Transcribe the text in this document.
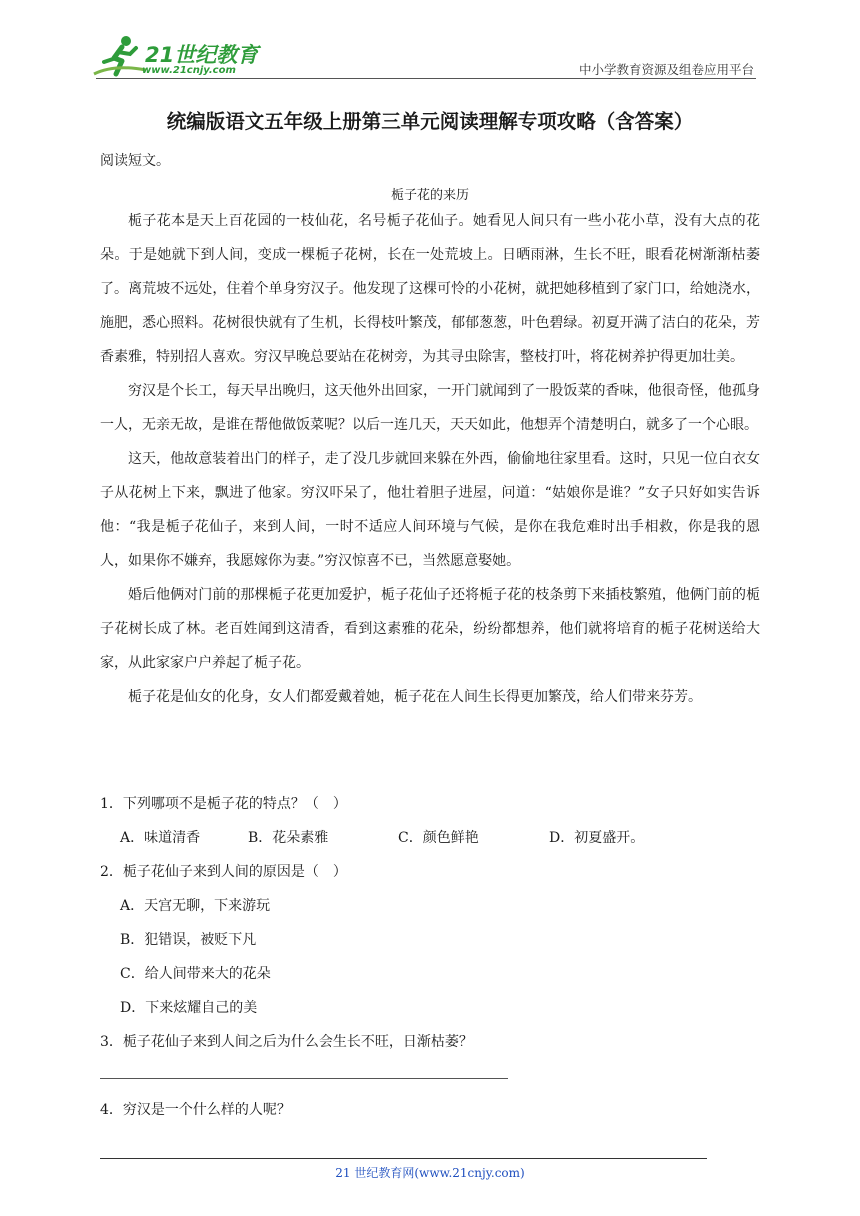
21世纪教育
www.21cnjy.com	中小学教育资源及组卷应用平台
统编版语文五年级上册第三单元阅读理解专项攻略（含答案）
阅读短文。
栀子花的来历

栀子花本是天上百花园的一枝仙花，名号栀子花仙子。她看见人间只有一些小花小草，没有大点的花朵。于是她就下到人间，变成一棵栀子花树，长在一处荒坡上。日晒雨淋，生长不旺，眼看花树渐渐枯萎了。离荒坡不远处，住着个单身穷汉子。他发现了这棵可怜的小花树，就把她移植到了家门口，给她浇水，施肥，悉心照料。花树很快就有了生机，长得枝叶繁茂，郁郁葱葱，叶色碧绿。初夏开满了洁白的花朵，芳香素雅，特别招人喜欢。穷汉早晚总要站在花树旁，为其寻虫除害，整枝打叶，将花树养护得更加壮美。

穷汉是个长工，每天早出晚归，这天他外出回家，一开门就闻到了一股饭菜的香味，他很奇怪，他孤身一人，无亲无故，是谁在帮他做饭菜呢？以后一连几天，天天如此，他想弄个清楚明白，就多了一个心眼。

这天，他故意装着出门的样子，走了没几步就回来躲在外西，偷偷地往家里看。这时，只见一位白衣女子从花树上下来，飘进了他家。穷汉吓呆了，他壮着胆子进屋，问道：“姑娘你是谁？”女子只好如实告诉他：“我是栀子花仙子，来到人间，一时不适应人间环境与气候，是你在我危难时出手相救，你是我的恩人，如果你不嫌弃，我愿嫁你为妻。”穷汉惊喜不已，当然愿意娶她。

婚后他俩对门前的那棵栀子花更加爱护，栀子花仙子还将栀子花的枝条剪下来插枝繁殖，他俩门前的栀子花树长成了林。老百姓闻到这清香，看到这素雅的花朵，纷纷都想养，他们就将培育的栀子花树送给大家，从此家家户户养起了栀子花。

栀子花是仙女的化身，女人们都爱戴着她，栀子花在人间生长得更加繁茂，给人们带来芬芳。

1．下列哪项不是栀子花的特点？（　）
A．味道清香	B．花朵素雅	C．颜色鲜艳	D．初夏盛开。
2．栀子花仙子来到人间的原因是（　）
A．天宫无聊，下来游玩
B．犯错误，被贬下凡
C．给人间带来大的花朵
D．下来炫耀自己的美
3．栀子花仙子来到人间之后为什么会生长不旺，日渐枯萎？
4．穷汉是一个什么样的人呢？
21 世纪教育网(www.21cnjy.com)
